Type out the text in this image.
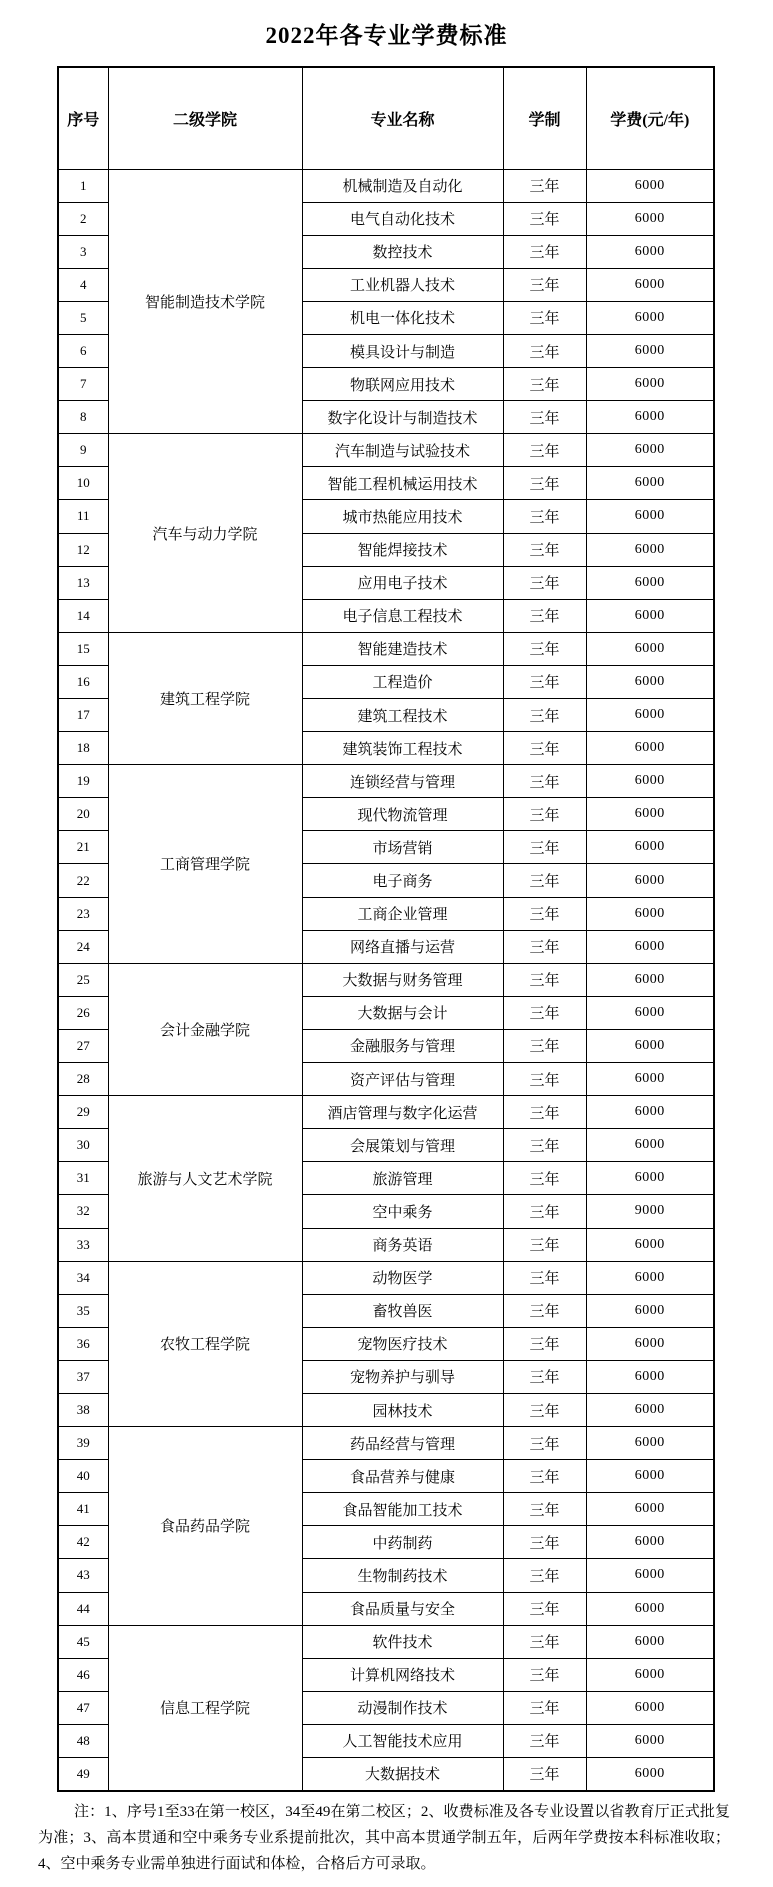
2022年各专业学费标准
序号	二级学院	专业名称	学制	学费(元/年)
1	智能制造技术学院	机械制造及自动化	三年	6000
2		电气自动化技术	三年	6000
3		数控技术	三年	6000
4		工业机器人技术	三年	6000
5		机电一体化技术	三年	6000
6		模具设计与制造	三年	6000
7		物联网应用技术	三年	6000
8		数字化设计与制造技术	三年	6000
9	汽车与动力学院	汽车制造与试验技术	三年	6000
10		智能工程机械运用技术	三年	6000
11		城市热能应用技术	三年	6000
12		智能焊接技术	三年	6000
13		应用电子技术	三年	6000
14		电子信息工程技术	三年	6000
15	建筑工程学院	智能建造技术	三年	6000
16		工程造价	三年	6000
17		建筑工程技术	三年	6000
18		建筑装饰工程技术	三年	6000
19	工商管理学院	连锁经营与管理	三年	6000
20		现代物流管理	三年	6000
21		市场营销	三年	6000
22		电子商务	三年	6000
23		工商企业管理	三年	6000
24		网络直播与运营	三年	6000
25	会计金融学院	大数据与财务管理	三年	6000
26		大数据与会计	三年	6000
27		金融服务与管理	三年	6000
28		资产评估与管理	三年	6000
29	旅游与人文艺术学院	酒店管理与数字化运营	三年	6000
30		会展策划与管理	三年	6000
31		旅游管理	三年	6000
32		空中乘务	三年	9000
33		商务英语	三年	6000
34	农牧工程学院	动物医学	三年	6000
35		畜牧兽医	三年	6000
36		宠物医疗技术	三年	6000
37		宠物养护与驯导	三年	6000
38		园林技术	三年	6000
39	食品药品学院	药品经营与管理	三年	6000
40		食品营养与健康	三年	6000
41		食品智能加工技术	三年	6000
42		中药制药	三年	6000
43		生物制药技术	三年	6000
44		食品质量与安全	三年	6000
45	信息工程学院	软件技术	三年	6000
46		计算机网络技术	三年	6000
47		动漫制作技术	三年	6000
48		人工智能技术应用	三年	6000
49		大数据技术	三年	6000

注：1、序号1至33在第一校区，34至49在第二校区；2、收费标准及各专业设置以省教育厅正式批复为准；3、高本贯通和空中乘务专业系提前批次，其中高本贯通学制五年，后两年学费按本科标准收取； 4、空中乘务专业需单独进行面试和体检，合格后方可录取。
